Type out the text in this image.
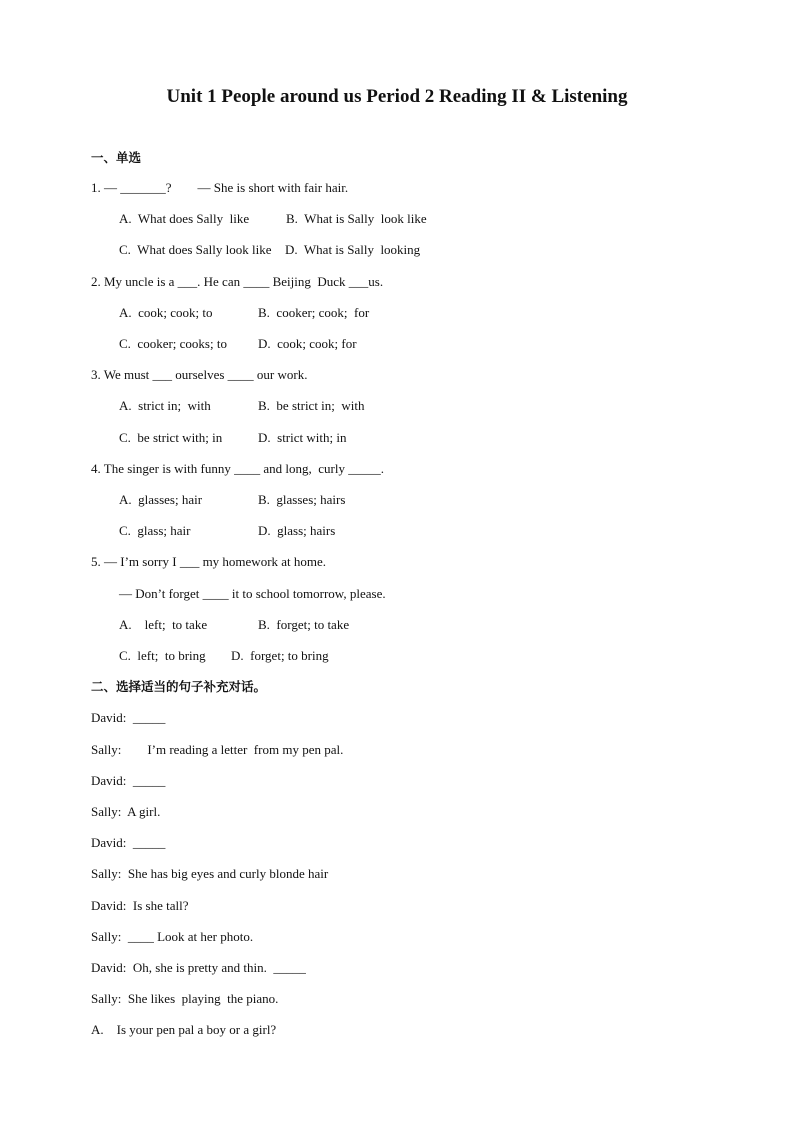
Unit 1 People around us Period 2 Reading II & Listening
一、单选
1. — _______?        — She is short with fair hair.
A.  What does Sally  like	B.  What is Sally  look like
C.  What does Sally look like D.  What is Sally  looking
2. My uncle is a ___. He can ____ Beijing  Duck ___us.
A.  cook; cook; to	B.  cooker; cook;  for
C.  cooker; cooks; to D.  cook; cook; for
3. We must ___ ourselves ____ our work.
A.  strict in;  with	B.  be strict in;  with
C.  be strict with; in	D.  strict with; in
4. The singer is with funny ____ and long,  curly _____.
A.  glasses; hair	B.  glasses; hairs
C.  glass; hair	D.  glass; hairs
5. — I’m sorry I ___ my homework at home.
— Don’t forget ____ it to school tomorrow, please.
A.    left;  to take	B.  forget; to take
C.  left;  to bring D.  forget; to bring
二、选择适当的句子补充对话。
David:  _____
Sally:        I’m reading a letter  from my pen pal.
David:  _____
Sally:  A girl.
David:  _____
Sally:  She has big eyes and curly blonde hair
David:  Is she tall?
Sally:  ____ Look at her photo.
David:  Oh, she is pretty and thin.  _____
Sally:  She likes  playing  the piano.
A.    Is your pen pal a boy or a girl?
